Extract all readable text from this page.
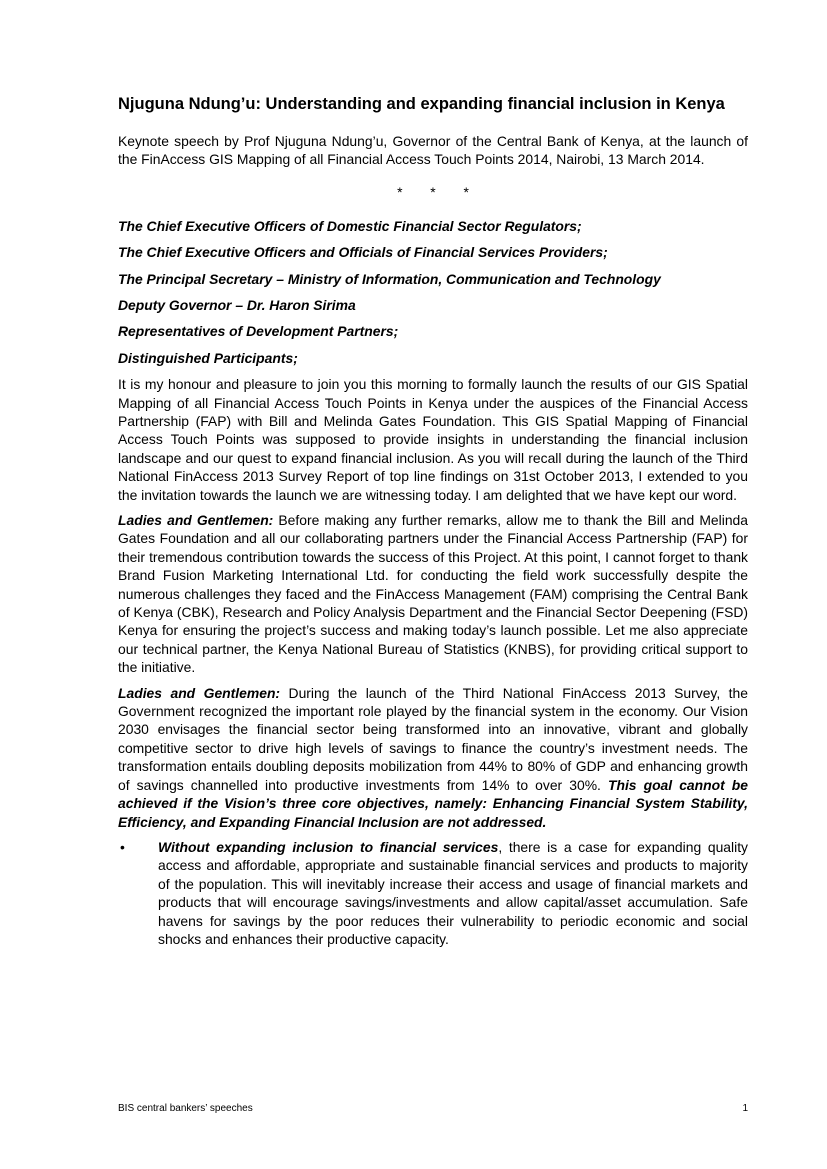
Njuguna Ndung’u: Understanding and expanding financial inclusion in Kenya

Keynote speech by Prof Njuguna Ndung’u, Governor of the Central Bank of Kenya, at the launch of the FinAccess GIS Mapping of all Financial Access Touch Points 2014, Nairobi, 13 March 2014.

*  *  *

The Chief Executive Officers of Domestic Financial Sector Regulators;

The Chief Executive Officers and Officials of Financial Services Providers;

The Principal Secretary – Ministry of Information, Communication and Technology

Deputy Governor – Dr. Haron Sirima

Representatives of Development Partners;

Distinguished Participants;

It is my honour and pleasure to join you this morning to formally launch the results of our GIS Spatial Mapping of all Financial Access Touch Points in Kenya under the auspices of the Financial Access Partnership (FAP) with Bill and Melinda Gates Foundation. This GIS Spatial Mapping of Financial Access Touch Points was supposed to provide insights in understanding the financial inclusion landscape and our quest to expand financial inclusion. As you will recall during the launch of the Third National FinAccess 2013 Survey Report of top line findings on 31st October 2013, I extended to you the invitation towards the launch we are witnessing today. I am delighted that we have kept our word.

Ladies and Gentlemen: Before making any further remarks, allow me to thank the Bill and Melinda Gates Foundation and all our collaborating partners under the Financial Access Partnership (FAP) for their tremendous contribution towards the success of this Project. At this point, I cannot forget to thank Brand Fusion Marketing International Ltd. for conducting the field work successfully despite the numerous challenges they faced and the FinAccess Management (FAM) comprising the Central Bank of Kenya (CBK), Research and Policy Analysis Department and the Financial Sector Deepening (FSD) Kenya for ensuring the project’s success and making today’s launch possible. Let me also appreciate our technical partner, the Kenya National Bureau of Statistics (KNBS), for providing critical support to the initiative.

Ladies and Gentlemen: During the launch of the Third National FinAccess 2013 Survey, the Government recognized the important role played by the financial system in the economy. Our Vision 2030 envisages the financial sector being transformed into an innovative, vibrant and globally competitive sector to drive high levels of savings to finance the country’s investment needs. The transformation entails doubling deposits mobilization from 44% to 80% of GDP and enhancing growth of savings channelled into productive investments from 14% to over 30%. This goal cannot be achieved if the Vision’s three core objectives, namely: Enhancing Financial System Stability, Efficiency, and Expanding Financial Inclusion are not addressed.

• Without expanding inclusion to financial services, there is a case for expanding quality access and affordable, appropriate and sustainable financial services and products to majority of the population. This will inevitably increase their access and usage of financial markets and products that will encourage savings/investments and allow capital/asset accumulation. Safe havens for savings by the poor reduces their vulnerability to periodic economic and social shocks and enhances their productive capacity.
BIS central bankers’ speeches	1
